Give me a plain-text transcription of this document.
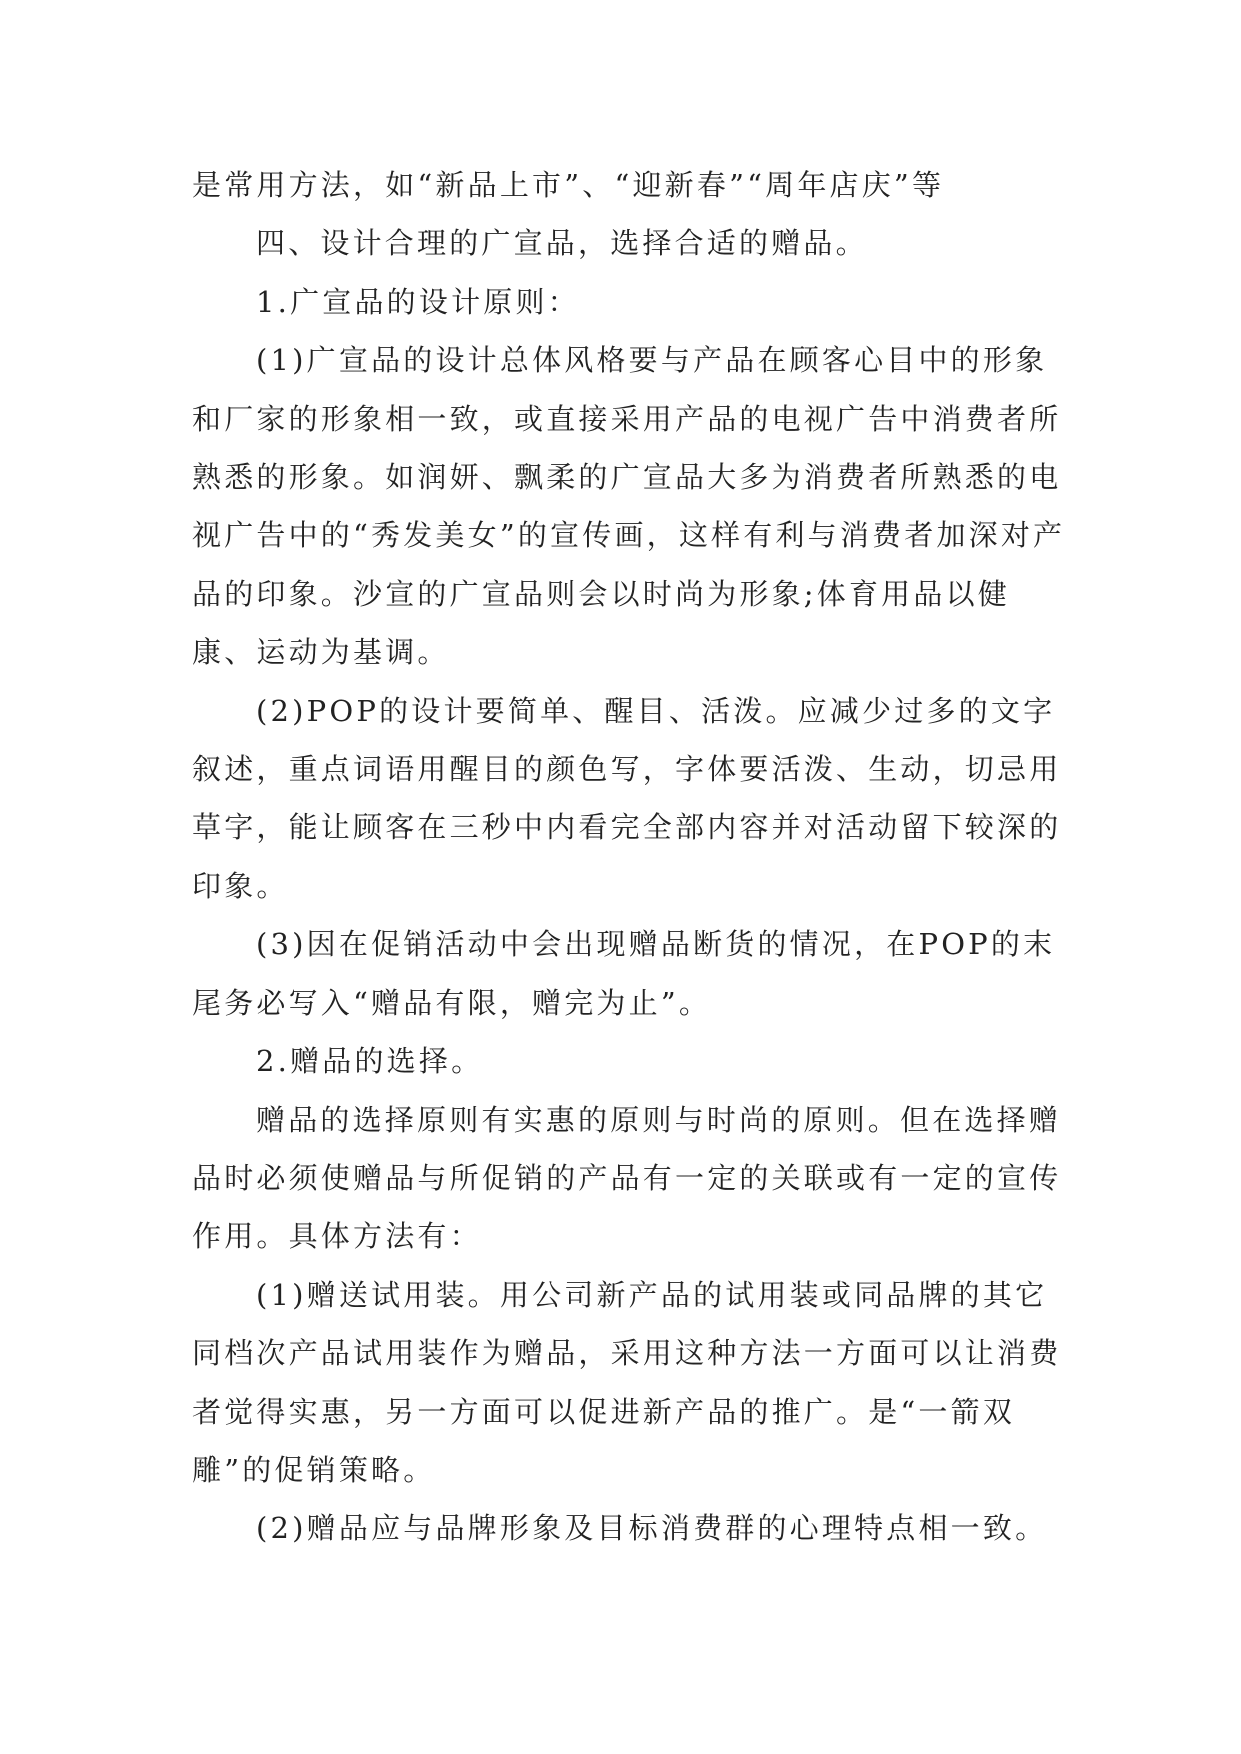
是常用方法，如“新品上市”、“迎新春”“周年店庆”等

四、设计合理的广宣品，选择合适的赠品。

1.广宣品的设计原则：

(1)广宣品的设计总体风格要与产品在顾客心目中的形象和厂家的形象相一致，或直接采用产品的电视广告中消费者所熟悉的形象。如润妍、飘柔的广宣品大多为消费者所熟悉的电视广告中的“秀发美女”的宣传画，这样有利与消费者加深对产品的印象。沙宣的广宣品则会以时尚为形象;体育用品以健康、运动为基调。

(2)POP的设计要简单、醒目、活泼。应减少过多的文字叙述，重点词语用醒目的颜色写，字体要活泼、生动，切忌用草字，能让顾客在三秒中内看完全部内容并对活动留下较深的印象。

(3)因在促销活动中会出现赠品断货的情况，在POP的末尾务必写入“赠品有限，赠完为止”。

2.赠品的选择。

赠品的选择原则有实惠的原则与时尚的原则。但在选择赠品时必须使赠品与所促销的产品有一定的关联或有一定的宣传作用。具体方法有：

(1)赠送试用装。用公司新产品的试用装或同品牌的其它同档次产品试用装作为赠品，采用这种方法一方面可以让消费者觉得实惠，另一方面可以促进新产品的推广。是“一箭双雕”的促销策略。

(2)赠品应与品牌形象及目标消费群的心理特点相一致。
